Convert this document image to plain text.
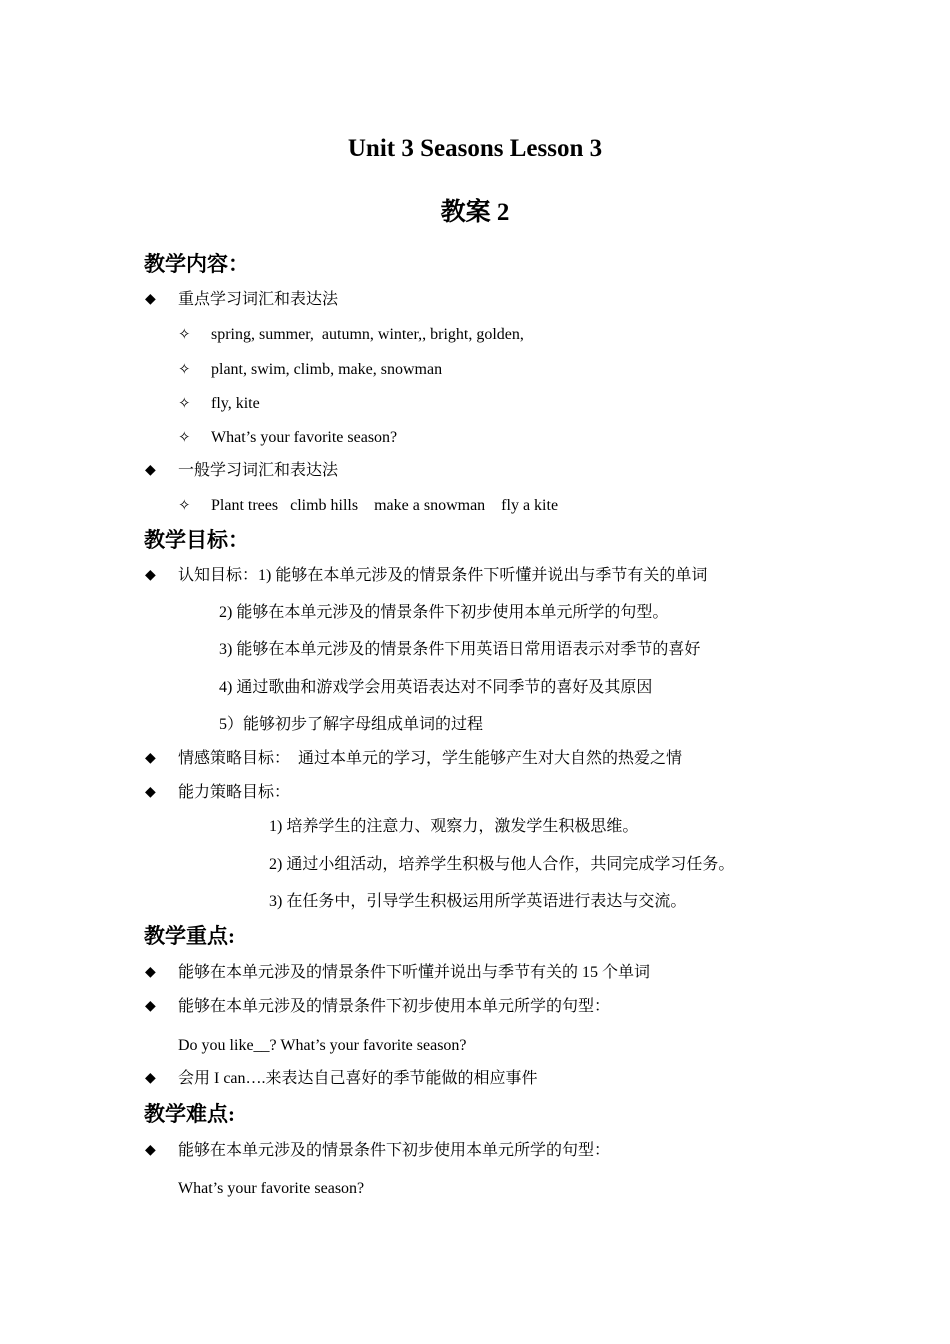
Unit 3 Seasons Lesson 3
教案 2
教学内容：
◆ 重点学习词汇和表达法
✧ spring, summer,  autumn, winter,, bright, golden,
✧ plant, swim, climb, make, snowman
✧ fly, kite
✧ What’s your favorite season?
◆ 一般学习词汇和表达法
✧ Plant trees   climb hills    make a snowman    fly a kite
教学目标：
◆ 认知目标：1) 能够在本单元涉及的情景条件下听懂并说出与季节有关的单词
2) 能够在本单元涉及的情景条件下初步使用本单元所学的句型。
3) 能够在本单元涉及的情景条件下用英语日常用语表示对季节的喜好
4) 通过歌曲和游戏学会用英语表达对不同季节的喜好及其原因
5）能够初步了解字母组成单词的过程
◆ 情感策略目标：  通过本单元的学习，学生能够产生对大自然的热爱之情
◆ 能力策略目标：
1) 培养学生的注意力、观察力，激发学生积极思维。
2) 通过小组活动，培养学生积极与他人合作，共同完成学习任务。
3) 在任务中，引导学生积极运用所学英语进行表达与交流。
教学重点:
◆ 能够在本单元涉及的情景条件下听懂并说出与季节有关的 15 个单词
◆ 能够在本单元涉及的情景条件下初步使用本单元所学的句型：
Do you like__? What’s your favorite season?
◆ 会用 I can….来表达自己喜好的季节能做的相应事件
教学难点:
◆ 能够在本单元涉及的情景条件下初步使用本单元所学的句型：
What’s your favorite season?
